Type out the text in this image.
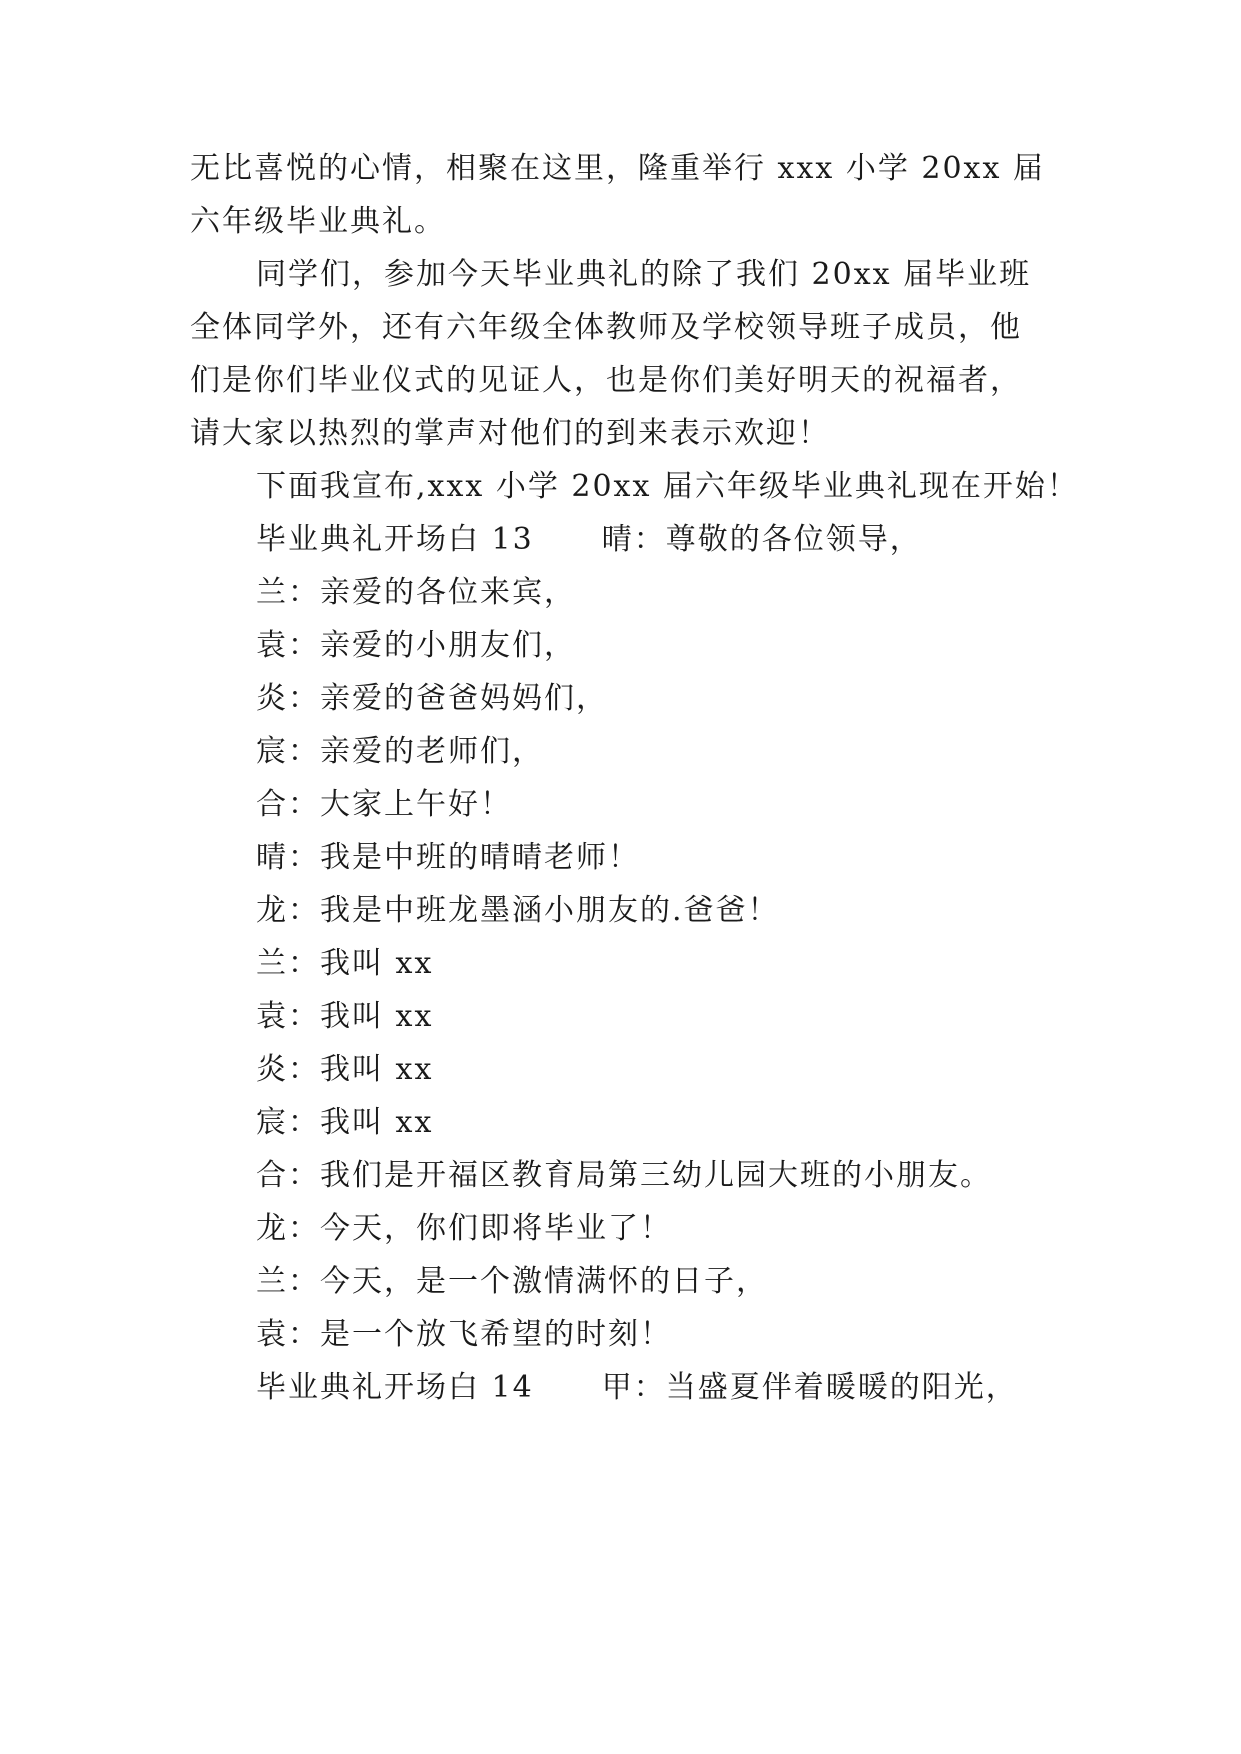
无比喜悦的心情，相聚在这里，隆重举行 xxx 小学 20xx 届
六年级毕业典礼。
同学们，参加今天毕业典礼的除了我们 20xx 届毕业班
全体同学外，还有六年级全体教师及学校领导班子成员，他
们是你们毕业仪式的见证人，也是你们美好明天的祝福者，
请大家以热烈的掌声对他们的到来表示欢迎！
下面我宣布,xxx 小学 20xx 届六年级毕业典礼现在开始！
毕业典礼开场白 13 晴：尊敬的各位领导，
兰：亲爱的各位来宾，
袁：亲爱的小朋友们，
炎：亲爱的爸爸妈妈们，
宸：亲爱的老师们，
合：大家上午好！
晴：我是中班的晴晴老师！
龙：我是中班龙墨涵小朋友的.爸爸！
兰：我叫 xx
袁：我叫 xx
炎：我叫 xx
宸：我叫 xx
合：我们是开福区教育局第三幼儿园大班的小朋友。
龙：今天，你们即将毕业了！
兰：今天，是一个激情满怀的日子，
袁：是一个放飞希望的时刻！
毕业典礼开场白 14 甲：当盛夏伴着暖暖的阳光，
